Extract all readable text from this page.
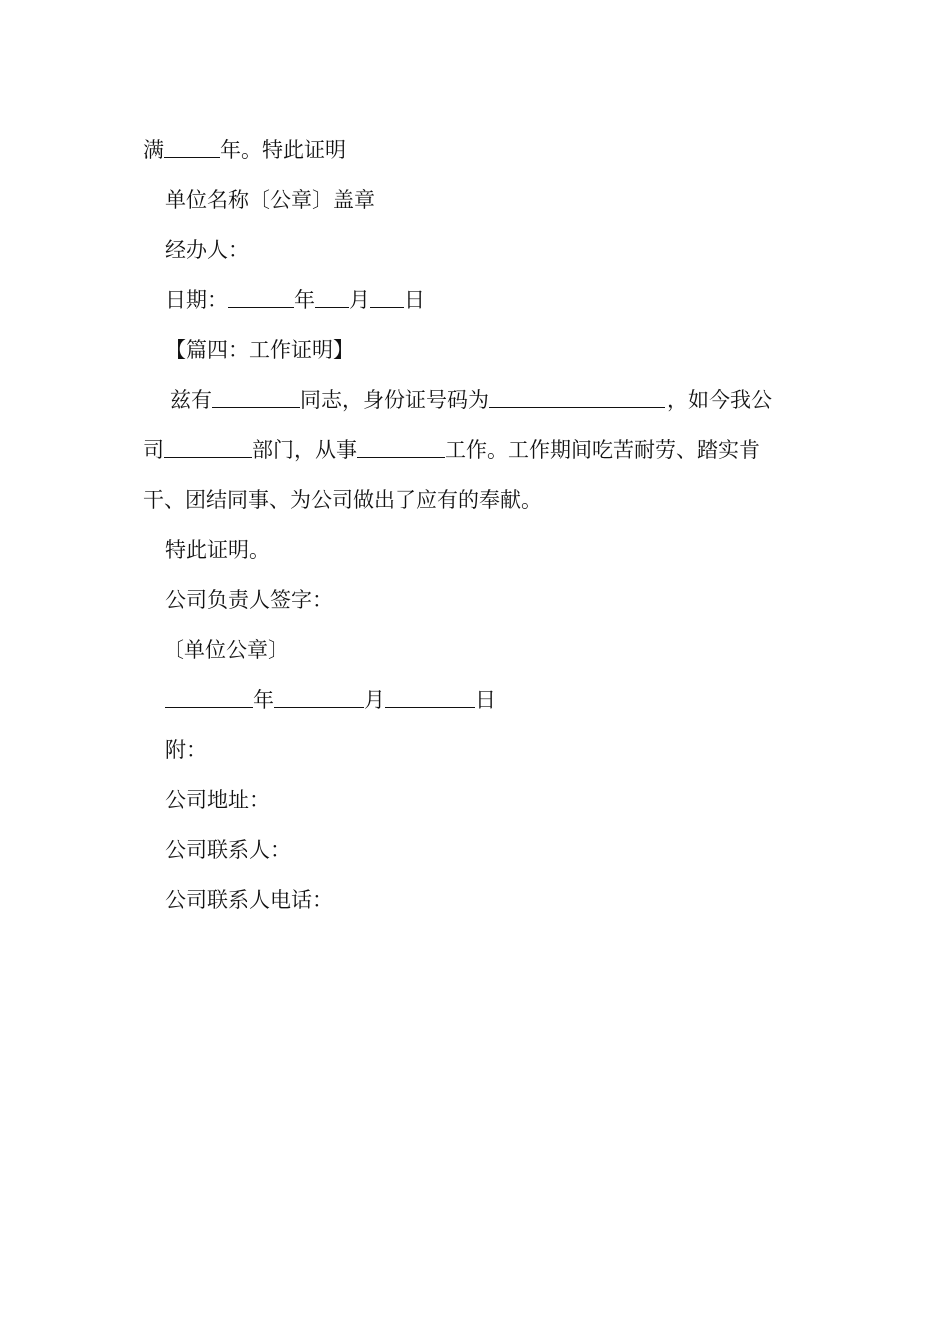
满	年。特此证明
单位名称〔公章〕盖章
经办人：
日期：	年 月 日
【篇四：工作证明】
兹有	同志，身份证号码为	，如今我公
司	部门，从事	工作。工作期间吃苦耐劳、踏实肯
干、团结同事、为公司做出了应有的奉献。
特此证明。
公司负责人签字：
〔单位公章〕
年	月	日
附：
公司地址：
公司联系人：
公司联系人电话：
